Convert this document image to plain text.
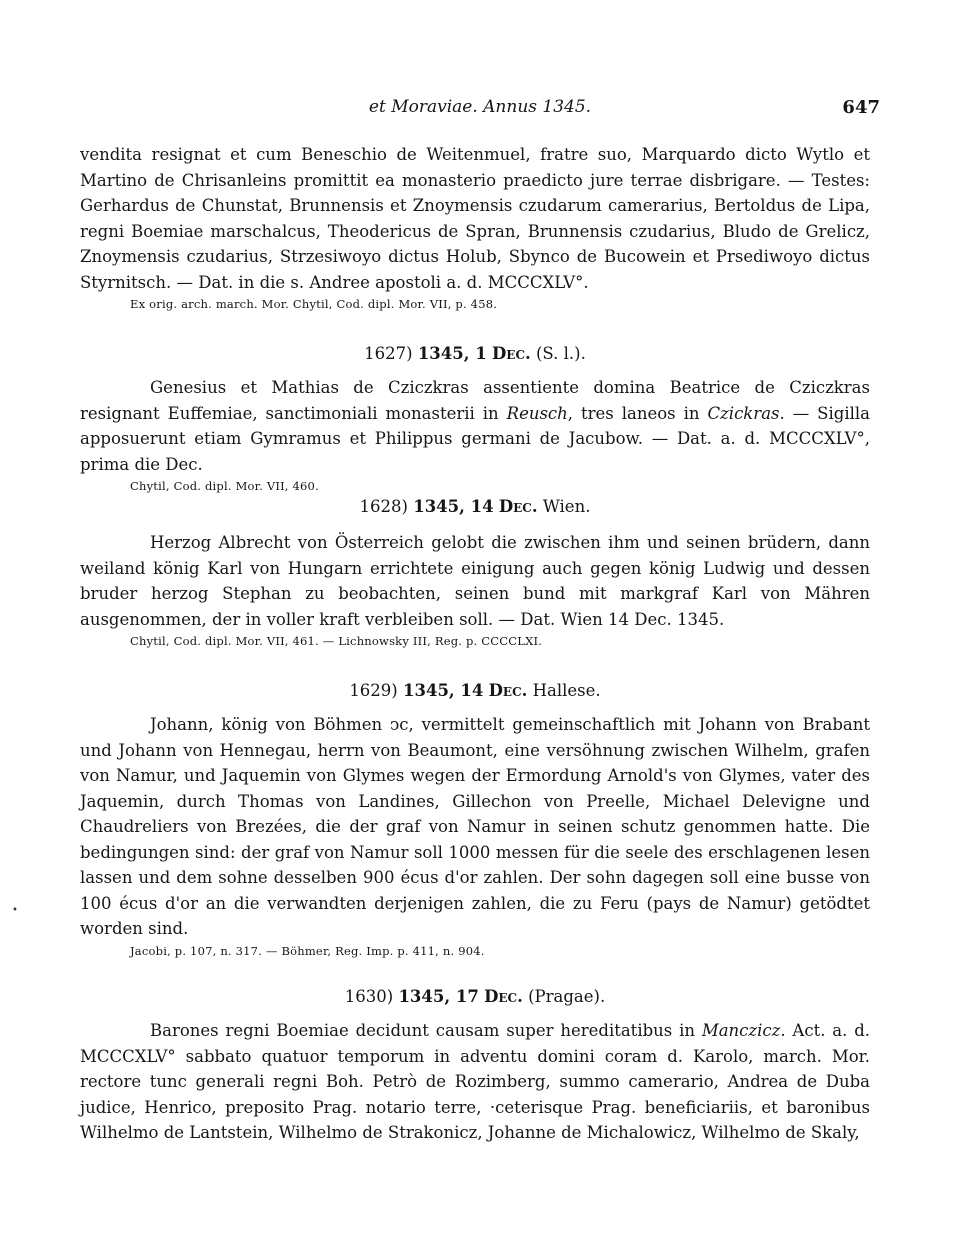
et Moraviae. Annus 1345.	647

vendita resignat et cum Beneschio de Weitenmuel, fratre suo, Marquardo dicto Wytlo et Martino de Chrisanleins promittit ea monasterio praedicto jure terrae disbrigare. — Testes: Gerhardus de Chunstat, Brunnensis et Znoymensis czudarum camerarius, Bertoldus de Lipa, regni Boemiae marschalcus, Theodericus de Spran, Brunnensis czudarius, Bludo de Grelicz, Znoymensis czudarius, Strzesiwoyo dictus Holub, Sbynco de Bucowein et Prsediwoyo dictus Styrnitsch. — Dat. in die s. Andree apostoli a. d. MCCCXLV°.

Ex orig. arch. march. Mor. Chytil, Cod. dipl. Mor. VII, p. 458.

1627) 1345, 1 Dec. (S. l.).

Genesius et Mathias de Cziczkras assentiente domina Beatrice de Cziczkras resignant Euffemiae, sanctimoniali monasterii in Reusch, tres laneos in Czickras. — Sigilla apposuerunt etiam Gymramus et Philippus germani de Jacubow. — Dat. a. d. MCCCXLV°, prima die Dec.

Chytil, Cod. dipl. Mor. VII, 460.

1628) 1345, 14 Dec. Wien.

Herzog Albrecht von Österreich gelobt die zwischen ihm und seinen brüdern, dann weiland könig Karl von Hungarn errichtete einigung auch gegen könig Ludwig und dessen bruder herzog Stephan zu beobachten, seinen bund mit markgraf Karl von Mähren ausgenommen, der in voller kraft verbleiben soll. — Dat. Wien 14 Dec. 1345.

Chytil, Cod. dipl. Mor. VII, 461. — Lichnowsky III, Reg. p. CCCCLXI.

1629) 1345, 14 Dec. Hallese.

Johann, könig von Böhmen ↄc, vermittelt gemeinschaftlich mit Johann von Brabant und Johann von Hennegau, herrn von Beaumont, eine versöhnung zwischen Wilhelm, grafen von Namur, und Jaquemin von Glymes wegen der Ermordung Arnold's von Glymes, vater des Jaquemin, durch Thomas von Landines, Gillechon von Preelle, Michael Delevigne und Chaudreliers von Brezées, die der graf von Namur in seinen schutz genommen hatte. Die bedingungen sind: der graf von Namur soll 1000 messen für die seele des erschlagenen lesen lassen und dem sohne desselben 900 écus d'or zahlen. Der sohn dagegen soll eine busse von 100 écus d'or an die verwandten derjenigen zahlen, die zu Feru (pays de Namur) getödtet worden sind.

Jacobi, p. 107, n. 317. — Böhmer, Reg. Imp. p. 411, n. 904.

1630) 1345, 17 Dec. (Pragae).

Barones regni Boemiae decidunt causam super hereditatibus in Manczicz. Act. a. d. MCCCXLV° sabbato quatuor temporum in adventu domini coram d. Karolo, march. Mor. rectore tunc generali regni Boh. Petrò de Rozimberg, summo camerario, Andrea de Duba judice, Henrico, preposito Prag. notario terre, ·ceterisque Prag. beneficiariis, et baronibus Wilhelmo de Lantstein, Wilhelmo de Strakonicz, Johanne de Michalowicz, Wilhelmo de Skaly,

•
